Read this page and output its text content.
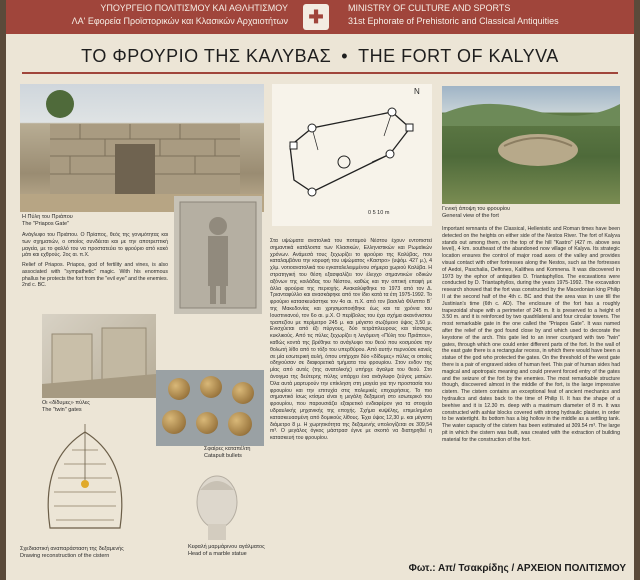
ΥΠΟΥΡΓΕΙΟ ΠΟΛΙΤΙΣΜΟΥ ΚΑΙ ΑΘΛΗΤΙΣΜΟΥ
ΛΑ' Εφορεία Προϊστορικών και Κλασικών Αρχαιοτήτων	✚	MINISTRY OF CULTURE AND SPORTS
31st Ephorate of Prehistoric and Classical Antiquities
ΤΟ ΦΡΟΥΡΙΟ ΤΗΣ ΚΑΛΥΒΑΣ • THE FORT OF KALYVA
Η Πύλη του Πριάπου
The "Priapos Gate"

Ανάγλυφο του Πριάπου. Ο Πρίαπος, θεός της γονιμότητας και των σχηματιών, ο οποίος συνδέεται και με την αποτρεπτική μαγεία, με το φαλλό του να προστατεύει το φρούριο από κακό μάτι και εχθρούς. 2ος αι. π.Χ.

Relief of Priapos. Priapos, god of fertility and vines, is also associated with "sympathetic" magic. With his enormous phallus he protects the fort from the "evil eye" and the enemies. 2nd c. BC.

Οι «δίδυμες» πύλες
The "twin" gates
Σφαίρες καταπέλτη
Catapult bullets
Σχεδιαστική αναπαράσταση της δεξαμενής
Drawing reconstruction of the cistern
Κεφαλή μαρμάρινου αγάλματος
Head of a marble statue
N
0 5 10 m

Στα υψώματα ανατολικά του ποταμού Νέστου έχουν εντοπιστεί σημαντικά κατάλοιπα των Κλασικών, Ελληνιστικών και Ρωμαϊκών χρόνων. Ανάμεσά τους ξεχωρίζει το φρούριο της Καλύβας, που καταλαμβάνει την κορυφή του υψώματος «Καστρο» (υψόμ. 427 μ.), 4 χλμ. νοτιοανατολικά του εγκαταλελειμμένου σήμερα χωριού Καλύβα. Η στρατηγική του θέση εξασφαλίζει τον έλεγχο σημαντικών οδικών αξόνων της κοιλάδας του Νέστου, καθώς και την οπτική επαφή με άλλα φρούρια της περιοχής. Ανακαλύφθηκε το 1973 από τον Δ. Τριανταφύλλο και ανασκάφηκε από τον ίδιο κατά τα έτη 1975-1992. Το φρούριο κατασκευάστηκε τον 4ο αι. π.Χ. από τον βασιλιά Φίλιππο Β΄ της Μακεδονίας και χρησιμοποιήθηκε έως και τα χρόνια του Ιουστινιανού, τον 6ο αι. μ.Χ. Ο περίβολος του έχει σχήμα ακανόνιστου τραπεζίου με περίμετρο 245 μ. και μέγιστο σωζόμενο ύψος 3,50 μ. Ενισχύεται από έξι πύργους, δύο τετράπλευρους και τέσσερις κυκλικούς. Από τις πύλες ξεχωρίζει η λεγόμενη «Πύλη του Πριάπου», καθώς κοντά της βρέθηκε το ανάγλυφο του θεού που κοσμούσε την θολωτή λίθο από το τόξο του υπερθύρου. Από αυτήν περνούσε κανείς σε μία εσωτερική αυλή, όπου υπήρχαν δύο «δίδυμες» πύλες οι οποίες οδηγούσαν σε διαφορετικά τμήματα του φρουρίου. Στον ενδον της μίας από αυτές (της ανατολικής) υπήρχε άγαλμα του θεού. Στο άνοιγμα της δεύτερης πύλης υπάρχει ένα ανάγλυφο ζεύγος ματιών. Όλα αυτά μαρτυρούν την επίκληση στη μαγεία για την προστασία του φρουρίου και την επιτυχία στις πολεμικές επιχειρήσεις. Το πιο σημαντικό ίσως κτίσμα είναι η μεγάλη δεξαμενή στο εσωτερικό του φρουρίου, που παρουσιάζει εξαιρετικό ενδιαφέρον για τα στοιχεία υδραυλικής μηχανικής της εποχής. Σχήμα κυψέλης, επιμελημένα κατασκευασμένη από δομικούς λίθους. Έχει ύψος 12,30 μ. και μέγιστη διάμετρο 8 μ. Η χωρητικότητα της δεξαμενής υπολογίζεται σε 309,54 m³. Ο μεγάλος όγκος μάστρασ έγινε με σκοπό να διατηρηθεί η κατασκευή του φρουρίου.

Γενική άποψη του φρουρίου
General view of the fort

Important remnants of the Classical, Hellenistic and Roman times have been detected on the heights on either side of the Nestos River. The fort of Kalyva stands out among them, on the top of the hill "Kastro" (427 m. above sea level), 4 km. southeast of the abandoned now village of Kalyva. Its strategic location ensures the control of major road axes of the valley and provides visual contact with other fortresses along the Nestos, such as the fortresses of Aedoi, Paschalia, Delfones, Kalithea and Komnena. It was discovered in 1973 by the ephor of antiquities D. Triantaphyllos. The excavations were conducted by D. Triantaphyllos, during the years 1975-1992. The excavation research showed that the fort was constructed by the Macedonian king Philip II at the second half of the 4th c. BC and that the area was in use till the Justinian's time (6th c. AD). The enclosure of the fort has a roughly trapezoidal shape with a perimeter of 245 m. It is preserved to a height of 3.50 m. and it is reinforced by two quadrilateral and four circular towers. The most remarkable gate in the one called the "Priapos Gate". It was named after the relief of the god found close by and which used to decorate the keystone of the arch. This gate led to an inner courtyard with two "twin" gates, through which one could enter different parts of the fort. In the wall of the east gate there is a rectangular recess, in which there would have been a statue of the god who protected the gates. On the threshold of the west gate there is a pair of engraved sides of human feet. This pair of human sides had magical and apotropaic meaning and could prevent forced entry of the gates and the seizure of the fort by the enemies. The most remarkable structure though, discovered almost in the middle of the fort, is the large impressive cistern. The cistern contains an exceptional feat of ancient mechanics and hydraulics and dates back to the time of Philip II. It has the shape of a beehive and it is 12.30 m. deep with a maximum diameter of 8 m. It was constructed with ashlar blocks covered with strong hydraulic plaster, in order to be watertight. Its bottom has a big hollow in the middle as a settling tank. The water capacity of the cistern has been estimated at 309.54 m³. The large pit in which the cistern was built, was created with the extraction of building material for the construction of the fort.

Φωτ.: Απ/ Τσακρίδης / ΑΡΧΕΙΟΝ ΠΟΛΙΤΙΣΜΟΥ
